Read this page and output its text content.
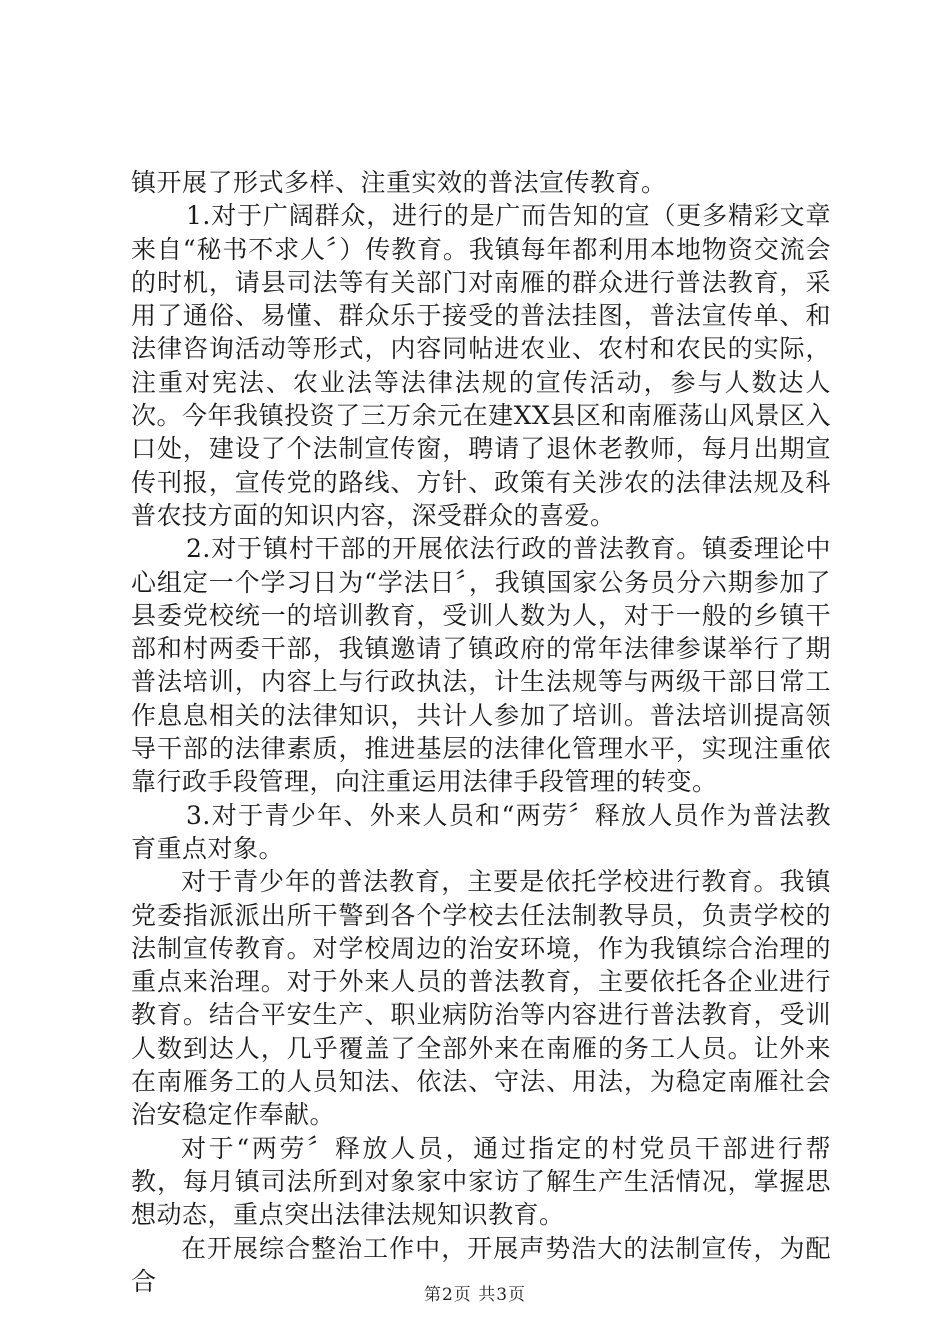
镇开展了形式多样、注重实效的普法宣传教育。

1.对于广阔群众，进行的是广而告知的宣（更多精彩文章来自“秘书不求人〞）传教育。我镇每年都利用本地物资交流会的时机，请县司法等有关部门对南雁的群众进行普法教育，采用了通俗、易懂、群众乐于接受的普法挂图，普法宣传单、和法律咨询活动等形式，内容同帖进农业、农村和农民的实际，注重对宪法、农业法等法律法规的宣传活动，参与人数达人次。今年我镇投资了三万余元在建XX县区和南雁荡山风景区入口处，建设了个法制宣传窗，聘请了退休老教师，每月出期宣传刊报，宣传党的路线、方针、政策有关涉农的法律法规及科普农技方面的知识内容，深受群众的喜爱。

2.对于镇村干部的开展依法行政的普法教育。镇委理论中心组定一个学习日为“学法日〞，我镇国家公务员分六期参加了县委党校统一的培训教育，受训人数为人，对于一般的乡镇干部和村两委干部，我镇邀请了镇政府的常年法律参谋举行了期普法培训，内容上与行政执法，计生法规等与两级干部日常工作息息相关的法律知识，共计人参加了培训。普法培训提高领导干部的法律素质，推进基层的法律化管理水平，实现注重依靠行政手段管理，向注重运用法律手段管理的转变。

3.对于青少年、外来人员和“两劳〞释放人员作为普法教育重点对象。

对于青少年的普法教育，主要是依托学校进行教育。我镇党委指派派出所干警到各个学校去任法制教导员，负责学校的法制宣传教育。对学校周边的治安环境，作为我镇综合治理的重点来治理。对于外来人员的普法教育，主要依托各企业进行教育。结合平安生产、职业病防治等内容进行普法教育，受训人数到达人，几乎覆盖了全部外来在南雁的务工人员。让外来在南雁务工的人员知法、依法、守法、用法，为稳定南雁社会治安稳定作奉献。

对于“两劳〞释放人员，通过指定的村党员干部进行帮教，每月镇司法所到对象家中家访了解生产生活情况，掌握思想动态，重点突出法律法规知识教育。

在开展综合整治工作中，开展声势浩大的法制宣传，为配合	第2页 共3页
